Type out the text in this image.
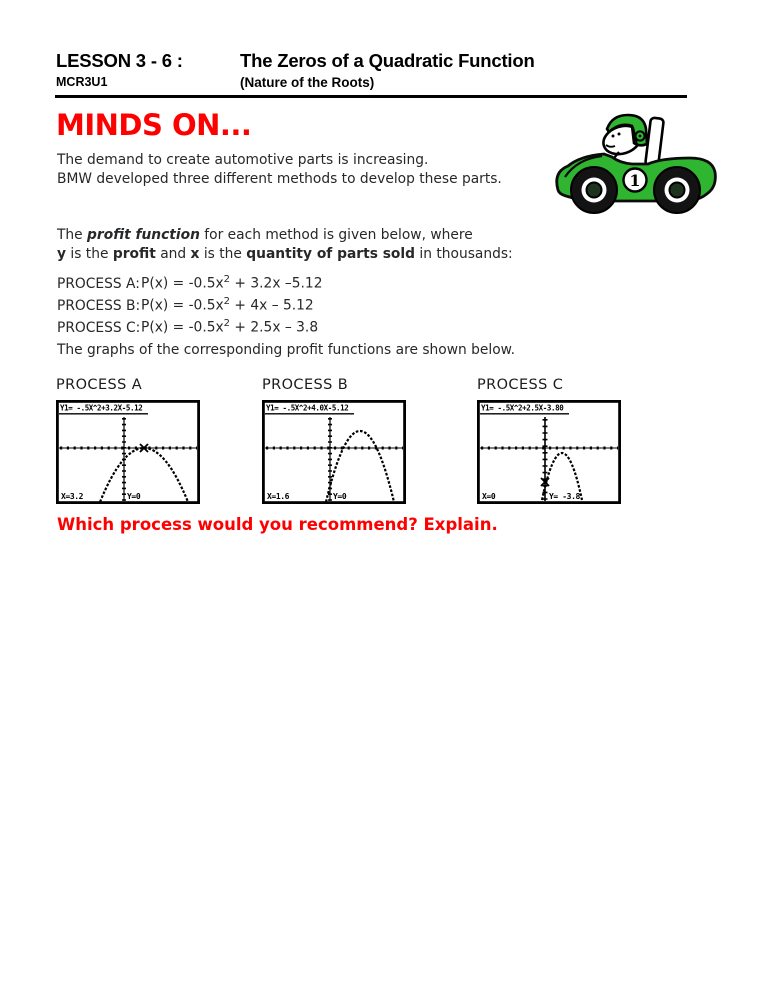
LESSON 3 - 6 :	The Zeros of a Quadratic Function
MCR3U1	(Nature of the Roots)
MINDS ON...
1
The demand to create automotive parts is increasing.
BMW developed three different methods to develop these parts.
The profit function for each method is given below, where
y is the profit and x is the quantity of parts sold in thousands:
PROCESS A:P(x) = $-0.5x^2 + 3.2x$ –5.12
PROCESS B:P(x) = $-0.5x^2 + 4x - 5.12$
PROCESS C:P(x) = $-0.5x^2 + 2.5x - 3.8$
The graphs of the corresponding profit functions are shown below.
PROCESS A
Y1= -.5X^2+3.2X-5.12
X=3.2	Y=0
PROCESS B
Y1= -.5X^2+4.0X-5.12
X=1.6	Y=0
PROCESS C
Y1= -.5X^2+2.5X-3.80
X=0	Y= -3.8
Which process would you recommend? Explain.
